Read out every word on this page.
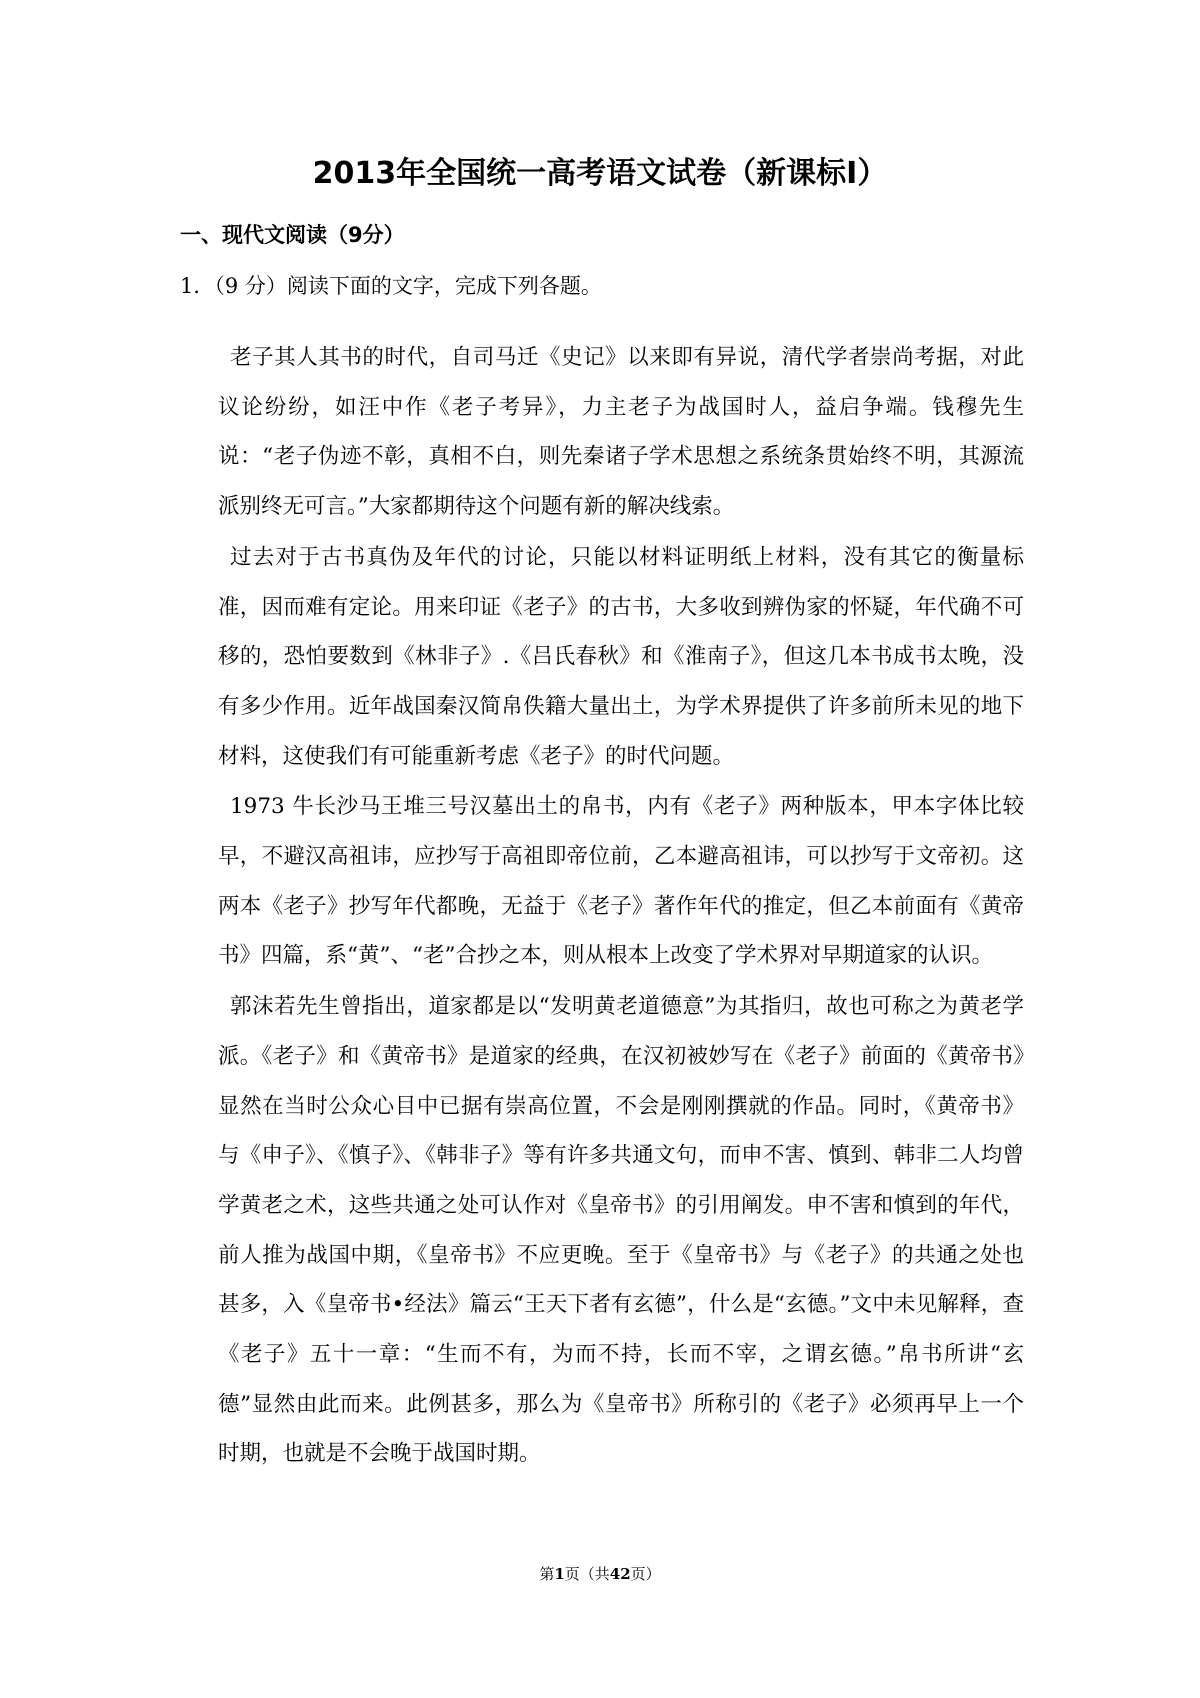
2013年全国统一高考语文试卷（新课标Ⅰ）
一、现代文阅读（9分）
1．（9 分）阅读下面的文字，完成下列各题。

老子其人其书的时代，自司马迁《史记》以来即有异说，清代学者崇尚考据，对此议论纷纷，如汪中作《老子考异》，力主老子为战国时人，益启争端。钱穆先生说：“老子伪迹不彰，真相不白，则先秦诸子学术思想之系统条贯始终不明，其源流派别终无可言。”大家都期待这个问题有新的解决线索。

过去对于古书真伪及年代的讨论，只能以材料证明纸上材料，没有其它的衡量标准，因而难有定论。用来印证《老子》的古书，大多收到辨伪家的怀疑，年代确不可移的，恐怕要数到《林非子》.《吕氏春秋》和《淮南子》，但这几本书成书太晚，没有多少作用。近年战国秦汉简帛佚籍大量出土，为学术界提供了许多前所未见的地下材料，这使我们有可能重新考虑《老子》的时代问题。

1973 牛长沙马王堆三号汉墓出土的帛书，内有《老子》两种版本，甲本字体比较早，不避汉高祖讳，应抄写于高祖即帝位前，乙本避高祖讳，可以抄写于文帝初。这两本《老子》抄写年代都晚，无益于《老子》著作年代的推定，但乙本前面有《黄帝书》四篇，系“黄”、“老”合抄之本，则从根本上改变了学术界对早期道家的认识。

郭沫若先生曾指出，道家都是以“发明黄老道德意”为其指归，故也可称之为黄老学派。《老子》和《黄帝书》是道家的经典，在汉初被妙写在《老子》前面的《黄帝书》显然在当时公众心目中已据有崇高位置，不会是刚刚撰就的作品。同时，《黄帝书》与《申子》、《慎子》、《韩非子》等有许多共通文句，而申不害、慎到、韩非二人均曾学黄老之术，这些共通之处可认作对《皇帝书》的引用阐发。申不害和慎到的年代，前人推为战国中期，《皇帝书》不应更晚。至于《皇帝书》与《老子》的共通之处也甚多，入《皇帝书•经法》篇云“王天下者有玄德”，什么是“玄德。”文中未见解释，查《老子》五十一章：“生而不有，为而不持，长而不宰，之谓玄德。”帛书所讲“玄德”显然由此而来。此例甚多，那么为《皇帝书》所称引的《老子》必须再早上一个时期，也就是不会晚于战国时期。

第1页（共42页）
